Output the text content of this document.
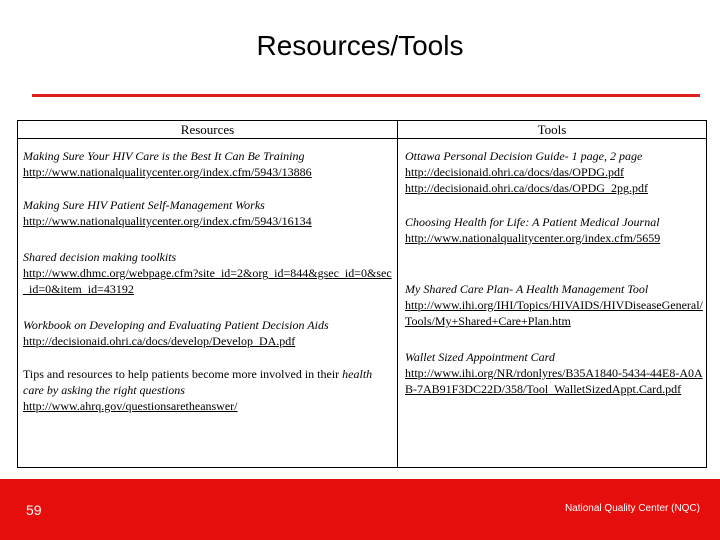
Resources/Tools
Resources	Tools
Making Sure Your HIV Care is the Best It Can Be Training
http://www.nationalqualitycenter.org/index.cfm/5943/13886
Making Sure HIV Patient Self-Management Works
http://www.nationalqualitycenter.org/index.cfm/5943/16134
Shared decision making toolkits
http://www.dhmc.org/webpage.cfm?site_id=2&org_id=844&gsec_id=0&sec_id=0&item_id=43192
Workbook on Developing and Evaluating Patient Decision Aids
http://decisionaid.ohri.ca/docs/develop/Develop_DA.pdf
Tips and resources to help patients become more involved in their health care by asking the right questions
http://www.ahrq.gov/questionsaretheanswer/
Ottawa Personal Decision Guide- 1 page, 2 page
http://decisionaid.ohri.ca/docs/das/OPDG.pdf
http://decisionaid.ohri.ca/docs/das/OPDG_2pg.pdf
Choosing Health for Life: A Patient Medical Journal
http://www.nationalqualitycenter.org/index.cfm/5659
My Shared Care Plan- A Health Management Tool
http://www.ihi.org/IHI/Topics/HIVAIDS/HIVDiseaseGeneral/Tools/My+Shared+Care+Plan.htm
Wallet Sized Appointment Card
http://www.ihi.org/NR/rdonlyres/B35A1840-5434-44E8-A0AB-7AB91F3DC22D/358/Tool_WalletSizedAppt.Card.pdf
59	National Quality Center (NQC)
